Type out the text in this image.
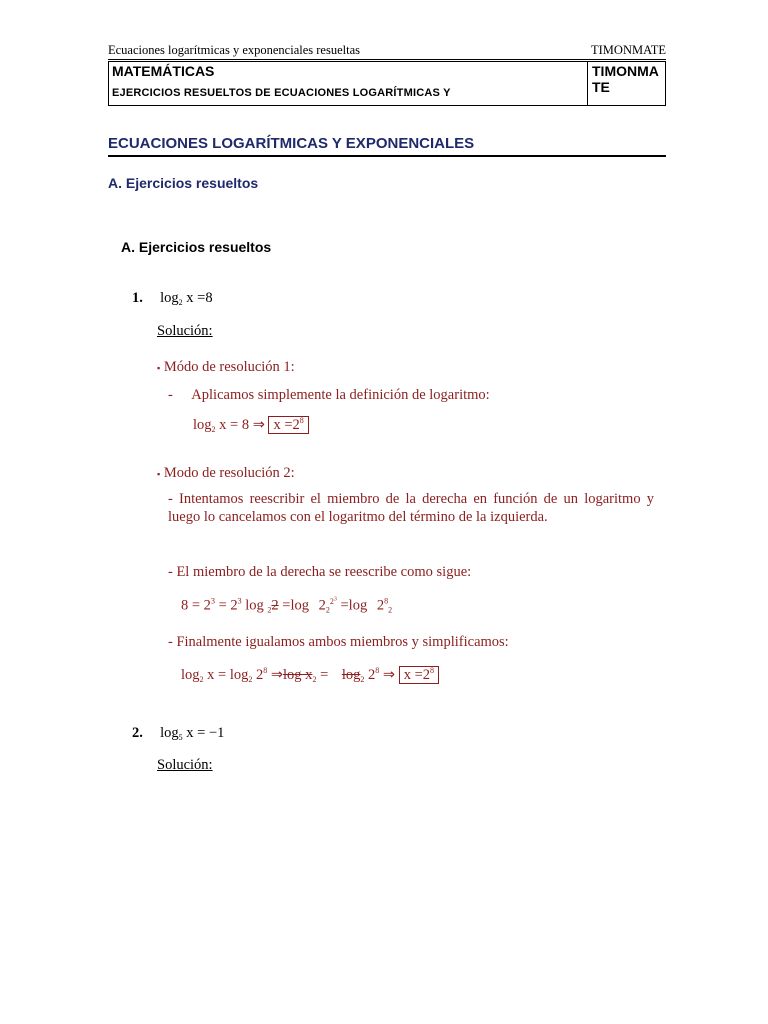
Ecuaciones logarítmicas y exponenciales resueltas	TIMONMATE
MATEMÁTICAS
EJERCICIOS RESUELTOS DE ECUACIONES LOGARÍTMICAS Y
TIMONMATE
ECUACIONES LOGARÍTMICAS Y EXPONENCIALES
A. Ejercicios resueltos
A. Ejercicios resueltos
1. $\log_2 x =8$
Solución:
▪ Módo de resolución 1:
- Aplicamos simplemente la definición de logaritmo:
$\log_2 x = 8$ ⇒ $x =2^8$
▪ Modo de resolución 2:
- Intentamos reescribir el miembro de la derecha en función de un logaritmo y luego lo cancelamos con el logaritmo del término de la izquierda.
- El miembro de la derecha se reescribe como sigue:
$8 = 2^3 = 2^3$ log $_2$2 =log $2_2^{2^3} =\log$ $2^8_2$
- Finalmente igualamos ambos miembros y simplificamos:
$\log_2 x = \log_2 2^8$ ⇒log $x_2 = \log_2 2^8$ ⇒ $x =2^8$
2. $\log_5 x = -1$
Solución:
